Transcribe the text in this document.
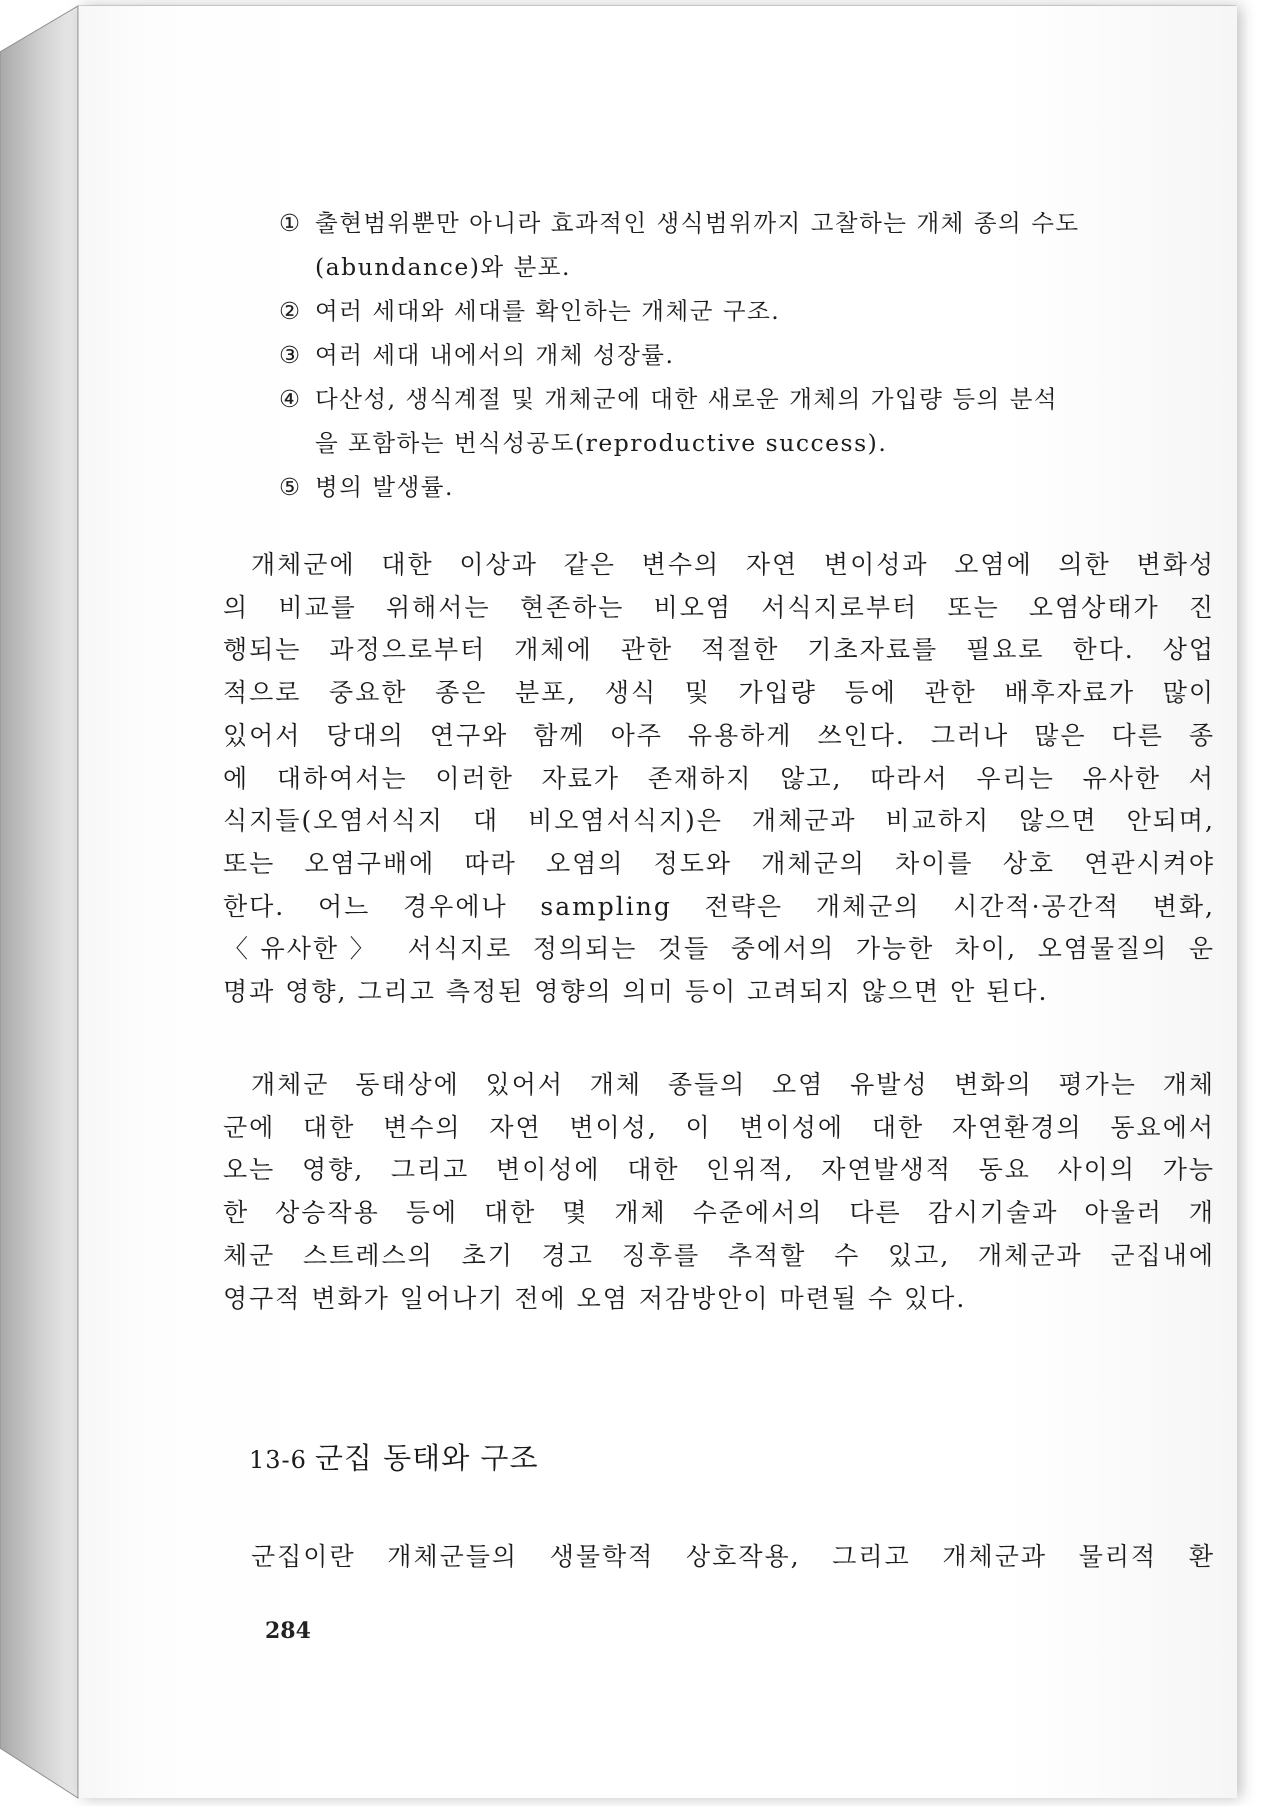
① 출현범위뿐만 아니라 효과적인 생식범위까지 고찰하는 개체 종의 수도
(abundance)와 분포.
② 여러 세대와 세대를 확인하는 개체군 구조.
③ 여러 세대 내에서의 개체 성장률.
④ 다산성, 생식계절 및 개체군에 대한 새로운 개체의 가입량 등의 분석
을 포함하는 번식성공도(reproductive success).
⑤ 병의 발생률.
개체군에 대한 이상과 같은 변수의 자연 변이성과 오염에 의한 변화성
의 비교를 위해서는 현존하는 비오염 서식지로부터 또는 오염상태가 진
행되는 과정으로부터 개체에 관한 적절한 기초자료를 필요로 한다. 상업
적으로 중요한 종은 분포, 생식 및 가입량 등에 관한 배후자료가 많이
있어서 당대의 연구와 함께 아주 유용하게 쓰인다. 그러나 많은 다른 종
에 대하여서는 이러한 자료가 존재하지 않고, 따라서 우리는 유사한 서
식지들(오염서식지 대 비오염서식지)은 개체군과 비교하지 않으면 안되며,
또는 오염구배에 따라 오염의 정도와 개체군의 차이를 상호 연관시켜야
한다. 어느 경우에나 sampling 전략은 개체군의 시간적·공간적 변화,
〈유사한〉 서식지로 정의되는 것들 중에서의 가능한 차이, 오염물질의 운
명과 영향, 그리고 측정된 영향의 의미 등이 고려되지 않으면 안 된다.
개체군 동태상에 있어서 개체 종들의 오염 유발성 변화의 평가는 개체
군에 대한 변수의 자연 변이성, 이 변이성에 대한 자연환경의 동요에서
오는 영향, 그리고 변이성에 대한 인위적, 자연발생적 동요 사이의 가능
한 상승작용 등에 대한 몇 개체 수준에서의 다른 감시기술과 아울러 개
체군 스트레스의 초기 경고 징후를 추적할 수 있고, 개체군과 군집내에
영구적 변화가 일어나기 전에 오염 저감방안이 마련될 수 있다.
13-6 군집 동태와 구조
군집이란 개체군들의 생물학적 상호작용, 그리고 개체군과 물리적 환
284
